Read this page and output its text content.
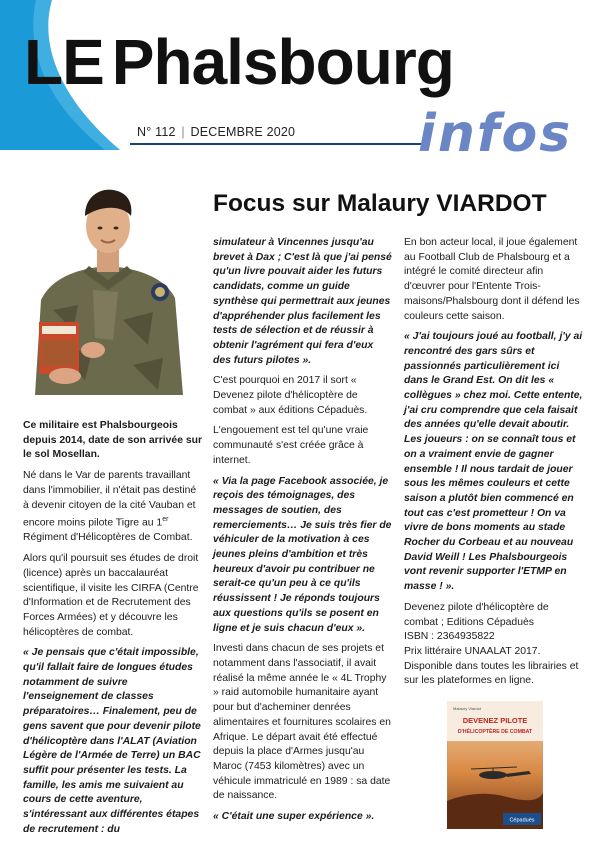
LE Phalsbourg
N° 112 | DECEMBRE 2020 infos
Focus sur Malaury VIARDOT

Ce militaire est Phalsbourgeois depuis 2014, date de son arrivée sur le sol Mosellan.

Né dans le Var de parents travaillant dans l'immobilier, il n'était pas destiné à devenir citoyen de la cité Vauban et encore moins pilote Tigre au 1er Régiment d'Hélicoptères de Combat.

Alors qu'il poursuit ses études de droit (licence) après un baccalauréat scientifique, il visite les CIRFA (Centre d'Information et de Recrutement des Forces Armées) et y découvre les hélicoptères de combat.

« Je pensais que c'était impossible, qu'il fallait faire de longues études notamment de suivre l'enseignement de classes préparatoires… Finalement, peu de gens savent que pour devenir pilote d'hélicoptère dans l'ALAT (Aviation Légère de l'Armée de Terre) un BAC suffit pour présenter les tests. La famille, les amis me suivaient au cours de cette aventure, s'intéressant aux différentes étapes de recrutement : du

simulateur à Vincennes jusqu'au brevet à Dax ; C'est là que j'ai pensé qu'un livre pouvait aider les futurs candidats, comme un guide synthèse qui permettrait aux jeunes d'appréhender plus facilement les tests de sélection et de réussir à obtenir l'agrément qui fera d'eux des futurs pilotes ».

C'est pourquoi en 2017 il sort « Devenez pilote d'hélicoptère de combat » aux éditions Cépaduès.

L'engouement est tel qu'une vraie communauté s'est créée grâce à internet.

« Via la page Facebook associée, je reçois des témoignages, des messages de soutien, des remerciements… Je suis très fier de véhiculer de la motivation à ces jeunes pleins d'ambition et très heureux d'avoir pu contribuer ne serait-ce qu'un peu à ce qu'ils réussissent ! Je réponds toujours aux questions qu'ils se posent en ligne et je suis chacun d'eux ».

Investi dans chacun de ses projets et notamment dans l'associatif, il avait réalisé la même année le « 4L Trophy » raid automobile humanitaire ayant pour but d'acheminer denrées alimentaires et fournitures scolaires en Afrique. Le départ avait été effectué depuis la place d'Armes jusqu'au Maroc (7453 kilomètres) avec un véhicule immatriculé en 1989 : sa date de naissance.

« C'était une super expérience ».

En bon acteur local, il joue également au Football Club de Phalsbourg et a intégré le comité directeur afin d'œuvrer pour l'Entente Trois-maisons/Phalsbourg dont il défend les couleurs cette saison.

« J'ai toujours joué au football, j'y ai rencontré des gars sûrs et passionnés particulièrement ici dans le Grand Est. On dit les « collègues » chez moi. Cette entente, j'ai cru comprendre que cela faisait des années qu'elle devait aboutir. Les joueurs : on se connaît tous et on a vraiment envie de gagner ensemble ! Il nous tardait de jouer sous les mêmes couleurs et cette saison a plutôt bien commencé en tout cas c'est prometteur ! On va vivre de bons moments au stade Rocher du Corbeau et au nouveau David Weill ! Les Phalsbourgeois vont revenir supporter l'ETMP en masse ! ».

Devenez pilote d'hélicoptère de combat ; Editions Cépaduès
ISBN : 2364935822
Prix littéraire UNAALAT 2017.
Disponible dans toutes les librairies et sur les plateformes en ligne.

Malaury Viardot
DEVENEZ PILOTE
D'HÉLICOPTÈRE DE COMBAT
Cépaduès
